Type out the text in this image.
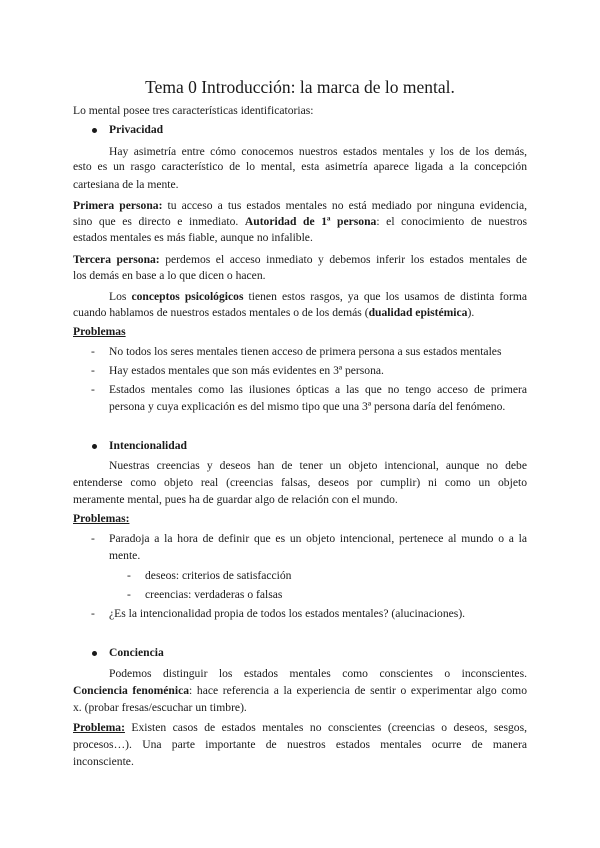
Tema 0 Introducción: la marca de lo mental.
Lo mental posee tres características identificatorias:
Privacidad
Hay asimetría entre cómo conocemos nuestros estados mentales y los de los demás,
esto es un rasgo característico de lo mental, esta asimetría aparece ligada a la concepción
cartesiana de la mente.
Primera persona: tu acceso a tus estados mentales no está mediado por ninguna evidencia,
sino que es directo e inmediato. Autoridad de 1ª persona: el conocimiento de nuestros
estados mentales es más fiable, aunque no infalible.
Tercera persona: perdemos el acceso inmediato y debemos inferir los estados mentales de
los demás en base a lo que dicen o hacen.
Los conceptos psicológicos tienen estos rasgos, ya que los usamos de distinta forma
cuando hablamos de nuestros estados mentales o de los demás (dualidad epistémica).
Problemas
- No todos los seres mentales tienen acceso de primera persona a sus estados mentales
- Hay estados mentales que son más evidentes en 3ª persona.
- Estados mentales como las ilusiones ópticas a las que no tengo acceso de primera
persona y cuya explicación es del mismo tipo que una 3ª persona daría del fenómeno.
Intencionalidad
Nuestras creencias y deseos han de tener un objeto intencional, aunque no debe
entenderse como objeto real (creencias falsas, deseos por cumplir) ni como un objeto
meramente mental, pues ha de guardar algo de relación con el mundo.
Problemas:
- Paradoja a la hora de definir que es un objeto intencional, pertenece al mundo o a la
mente.
- deseos: criterios de satisfacción
- creencias: verdaderas o falsas
- ¿Es la intencionalidad propia de todos los estados mentales? (alucinaciones).
Conciencia
Podemos distinguir los estados mentales como conscientes o inconscientes.
Conciencia fenoménica: hace referencia a la experiencia de sentir o experimentar algo como
x. (probar fresas/escuchar un timbre).
Problema: Existen casos de estados mentales no conscientes (creencias o deseos, sesgos,
procesos…). Una parte importante de nuestros estados mentales ocurre de manera
inconsciente.
